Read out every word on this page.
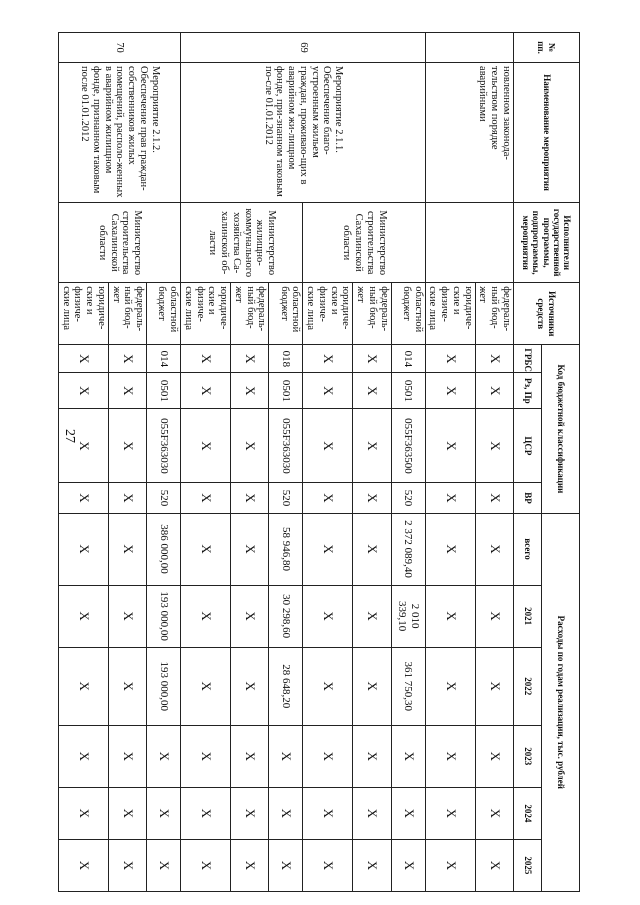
27
№ пп.	Наименование мероприятия	Исполнители государственной программы, подпрограммы, мероприятия	Источники средств	Код бюджетной классификации				Расходы по годам реализации, тыс. рублей					
				ГРБС	Рз, Пр	ЦСР	ВР	всего	2021	2022	2023	2024	2025

	новленном законода-тельством порядке аварийными		федераль-ный бюд-жет	X	X	X	X	X	X	X	X	X	X
			юридиче-ские и физиче-ские лица	X	X	X	X	X	X	X	X	X	X
69	Мероприятие 2.1.1. Обеспечение благо-устроенным жильем граждан, проживаю-щих в аварийном жи-лищном фонде, при-знанном таковым по-сле 01.01.2012	Министерство строительства Сахалинской области	областной бюджет	014	0501	055F363500	520	2 372 089,40	2 010 339,10	361 750,30	X	X	X
			федераль-ный бюд-жет	X	X	X	X	X	X	X	X	X	X
			юридиче-ские и физиче-ские лица	X	X	X	X	X	X	X	X	X	X
		Министерство жилищно-коммунального хозяйства Са-халинской об-ласти	областной бюджет	018	0501	055F363030	520	58 946,80	30 298,60	28 648,20	X	X	X
			федераль-ный бюд-жет	X	X	X	X	X	X	X	X	X	X
			юридиче-ские и физиче-ские лица	X	X	X	X	X	X	X	X	X	X
70	Мероприятие 2.1.2. Обеспечение прав граждан-собственников жилых помещений, располо-женных в аварийном жилищном фонде, признанном таковым после 01.01.2012	Министерство строительства Сахалинской области	областной бюджет	014	0501	055F363030	520	386 000,00	193 000,00	193 000,00	X	X	X
			федераль-ный бюд-жет	X	X	X	X	X	X	X	X	X	X
			юридиче-ские и физиче-ские лица	X	X	X	X	X	X	X	X	X	X
